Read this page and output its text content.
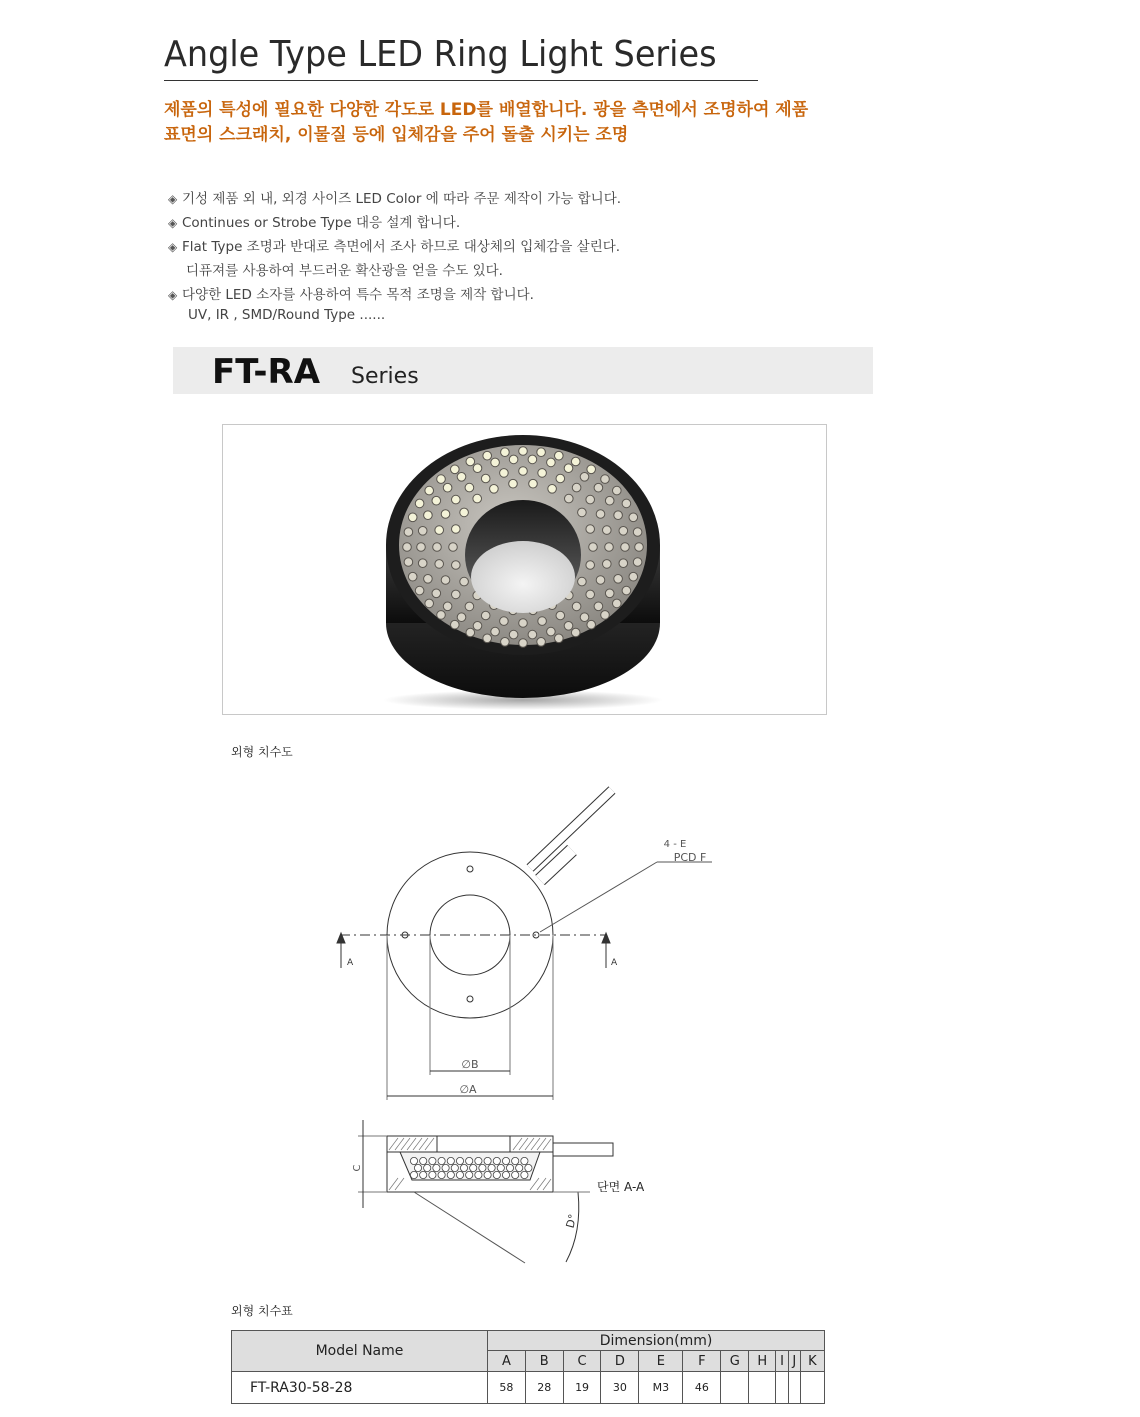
Angle Type LED Ring Light Series
제품의 특성에 필요한 다양한 각도로 LED를 배열합니다. 광을 측면에서 조명하여 제품
표면의 스크래치, 이물질 등에 입체감을 주어 돌출 시키는 조명
◈ 기성 제품 외 내, 외경 사이즈 LED Color 에 따라 주문 제작이 가능 합니다.
◈ Continues or Strobe Type 대응 설계 합니다.
◈ Flat Type 조명과 반대로 측면에서 조사 하므로 대상체의 입체감을 살린다.
디퓨져를 사용하여 부드러운 확산광을 얻을 수도 있다.
◈ 다양한 LED 소자를 사용하여 특수 목적 조명을 제작 합니다.
UV, IR , SMD/Round Type ......
FT-RA Series
외형 치수도
4 - E
PCD F
A	A
∅B
∅A
C
D°
단면 A-A
외형 치수표
Model Name	Dimension(mm)										
	A	B	C	D	E	F	G	H	I	J	K
FT-RA30-58-28	58	28	19	30	M3	46					
